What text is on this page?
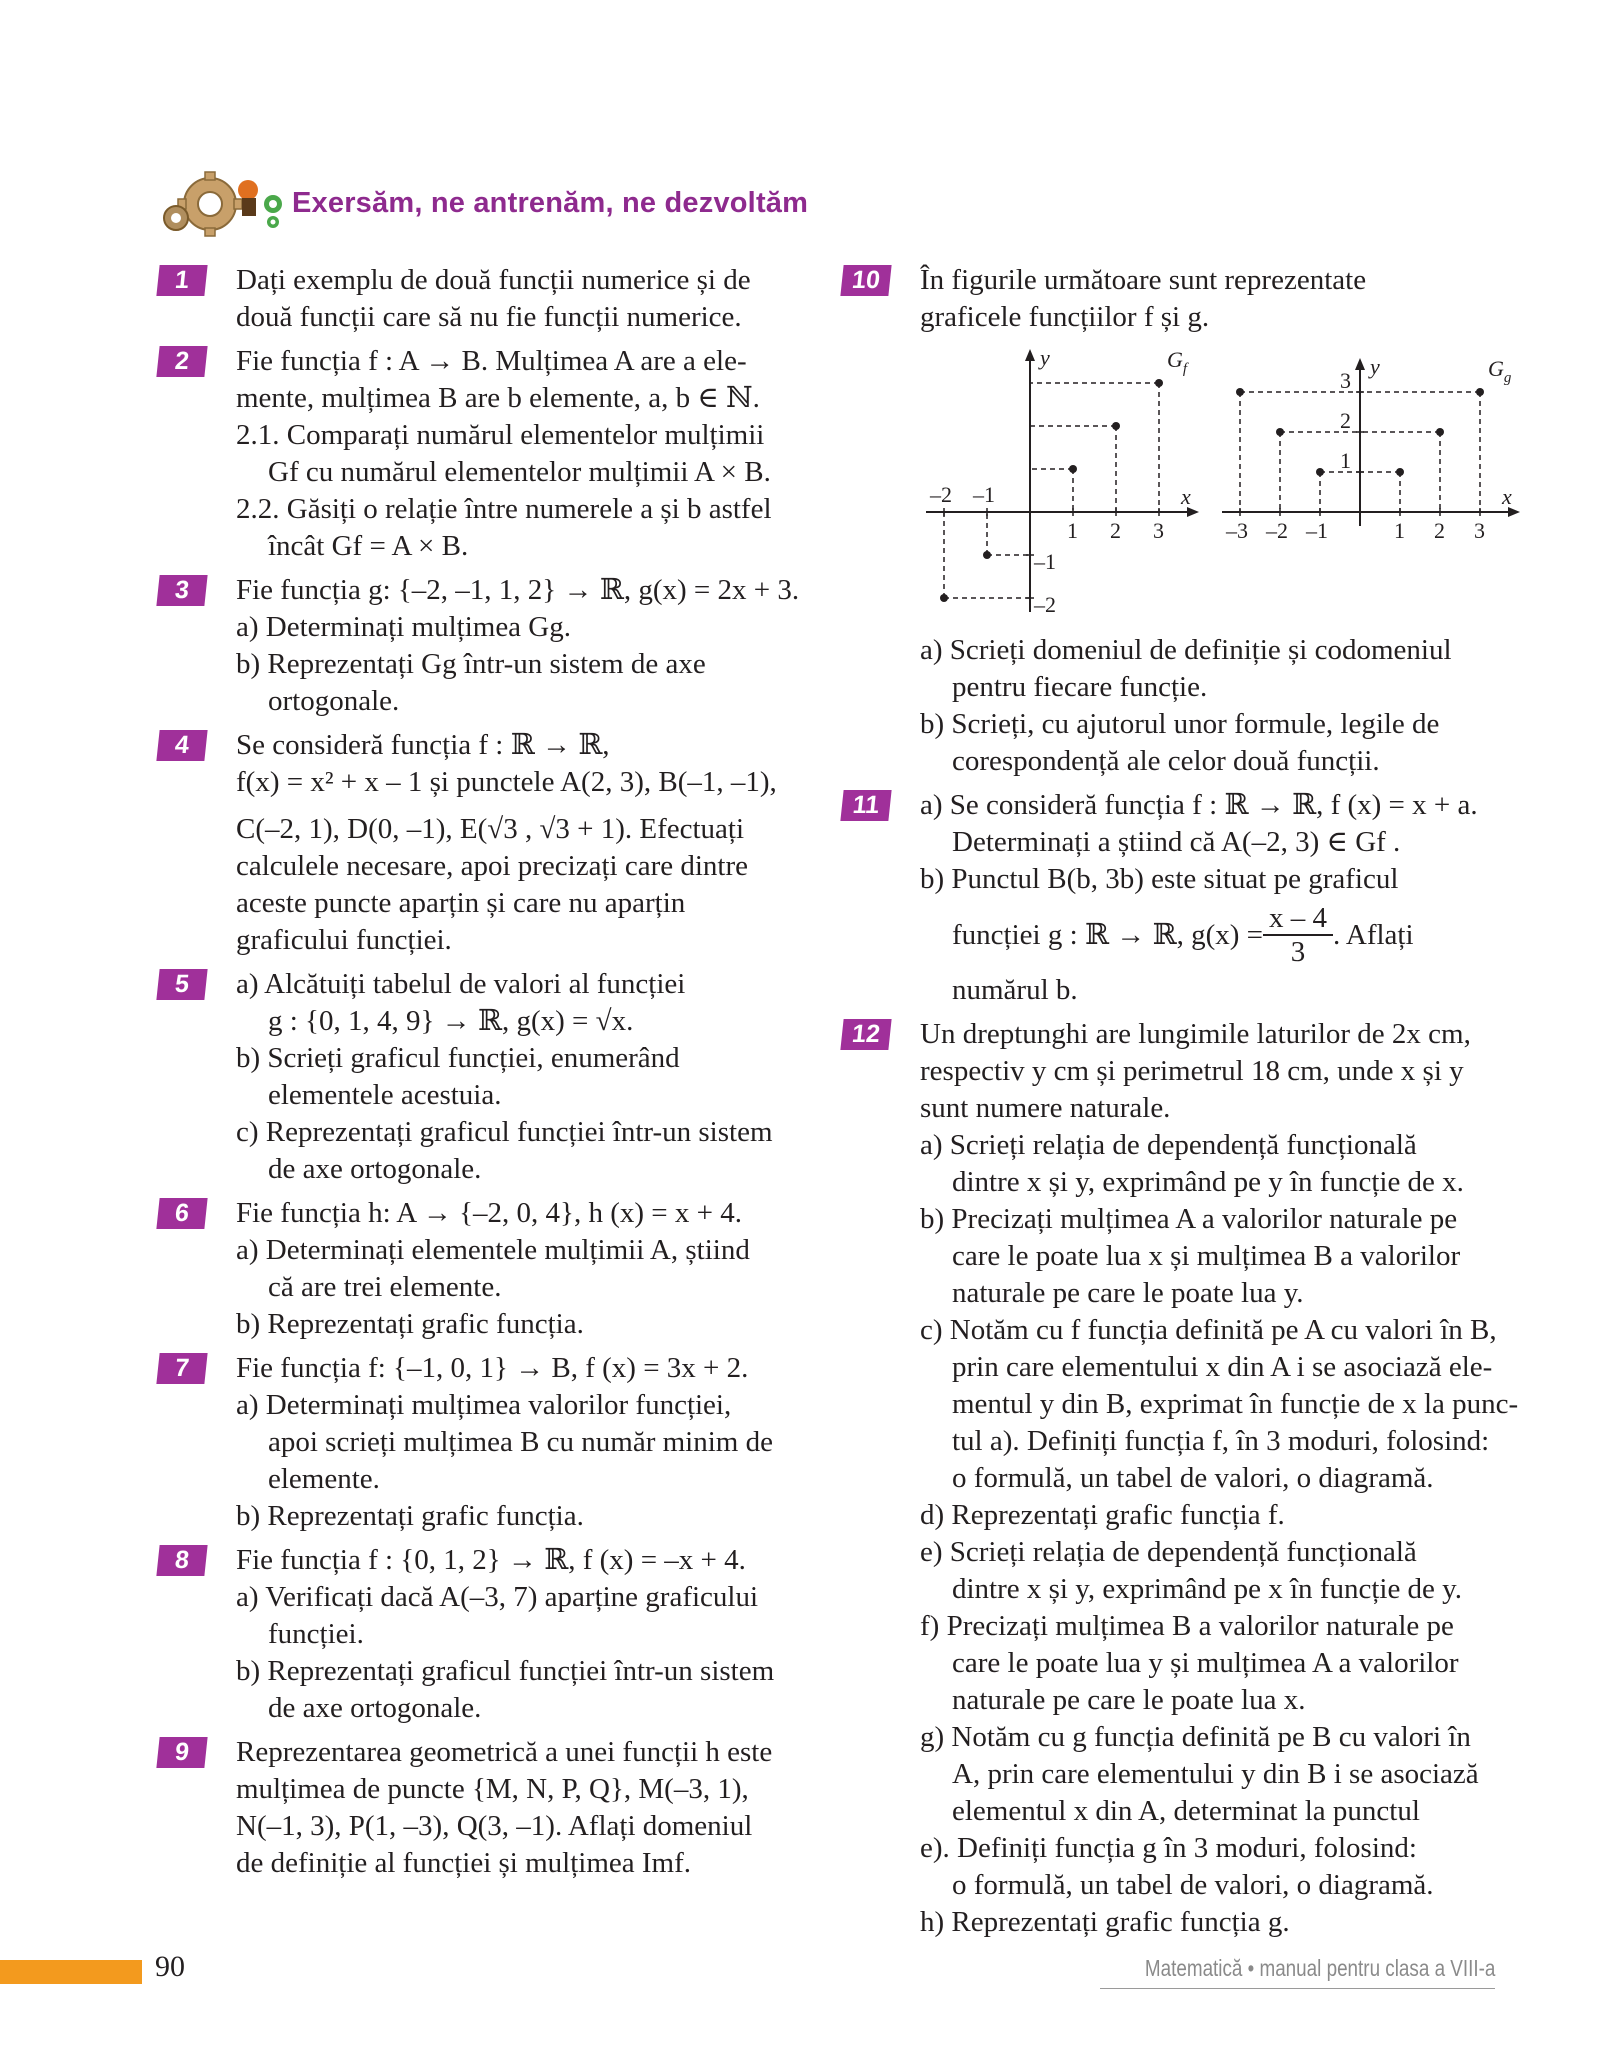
Exersăm, ne antrenăm, ne dezvoltăm
1	Dați exemplu de două funcții numerice și de
două funcții care să nu fie funcții numerice.
2	Fie funcția f : A → B. Mulțimea A are a ele-
mente, mulțimea B are b elemente, a, b ∈ ℕ.
2.1. Comparați numărul elementelor mulțimii
Gf cu numărul elementelor mulțimii A × B.
2.2. Găsiți o relație între numerele a și b astfel
încât Gf = A × B.
3	Fie funcția g: {–2, –1, 1, 2} → ℝ, g(x) = 2x + 3.
a) Determinați mulțimea Gg.
b) Reprezentați Gg într-un sistem de axe
ortogonale.
4	Se consideră funcția f : ℝ → ℝ,
f(x) = x² + x – 1 și punctele A(2, 3), B(–1, –1),
C(–2, 1), D(0, –1), E(√3 , √3 + 1). Efectuați
calculele necesare, apoi precizați care dintre
aceste puncte aparțin și care nu aparțin
graficului funcției.
5	a) Alcătuiți tabelul de valori al funcției
g : {0, 1, 4, 9} → ℝ, g(x) = √x.
b) Scrieți graficul funcției, enumerând
elementele acestuia.
c) Reprezentați graficul funcției într-un sistem
de axe ortogonale.
6	Fie funcția h: A → {–2, 0, 4}, h (x) = x + 4.
a) Determinați elementele mulțimii A, știind
că are trei elemente.
b) Reprezentați grafic funcția.
7	Fie funcția f: {–1, 0, 1} → B, f (x) = 3x + 2.
a) Determinați mulțimea valorilor funcției,
apoi scrieți mulțimea B cu număr minim de
elemente.
b) Reprezentați grafic funcția.
8	Fie funcția f : {0, 1, 2} → ℝ, f (x) = –x + 4.
a) Verificați dacă A(–3, 7) aparține graficului
funcției.
b) Reprezentați graficul funcției într-un sistem
de axe ortogonale.
9	Reprezentarea geometrică a unei funcții h este
mulțimea de puncte {M, N, P, Q}, M(–3, 1),
N(–1, 3), P(1, –3), Q(3, –1). Aflați domeniul
de definiție al funcției și mulțimea Imf.
10	În figurile următoare sunt reprezentate
graficele funcțiilor f și g.
x
y
–2 –1
1 2 3
–1
–2
$G_f$
x
y
–3 –2 –1	1 2 3
1
2
3	$G_g$
a) Scrieți domeniul de definiție și codomeniul
pentru fiecare funcție.
b) Scrieți, cu ajutorul unor formule, legile de
corespondență ale celor două funcții.
11	a) Se consideră funcția f : ℝ → ℝ, f (x) = x + a.
Determinați a știind că A(–2, 3) ∈ Gf .
b) Punctul B(b, 3b) este situat pe graficul
funcției g : ℝ → ℝ, $g(x) = \frac{x - 4}{3}$ . Aflați
numărul b.
12	Un dreptunghi are lungimile laturilor de 2x cm,
respectiv y cm și perimetrul 18 cm, unde x și y
sunt numere naturale.
a) Scrieți relația de dependență funcțională
dintre x și y, exprimând pe y în funcție de x.
b) Precizați mulțimea A a valorilor naturale pe
care le poate lua x și mulțimea B a valorilor
naturale pe care le poate lua y.
c) Notăm cu f funcția definită pe A cu valori în B,
prin care elementului x din A i se asociază ele-
mentul y din B, exprimat în funcție de x la punc-
tul a). Definiți funcția f, în 3 moduri, folosind:
o formulă, un tabel de valori, o diagramă.
d) Reprezentați grafic funcția f.
e) Scrieți relația de dependență funcțională
dintre x și y, exprimând pe x în funcție de y.
f) Precizați mulțimea B a valorilor naturale pe
care le poate lua y și mulțimea A a valorilor
naturale pe care le poate lua x.
g) Notăm cu g funcția definită pe B cu valori în
A, prin care elementului y din B i se asociază
elementul x din A, determinat la punctul
e). Definiți funcția g în 3 moduri, folosind:
o formulă, un tabel de valori, o diagramă.
h) Reprezentați grafic funcția g.
90	Matematică • manual pentru clasa a VIII-a
